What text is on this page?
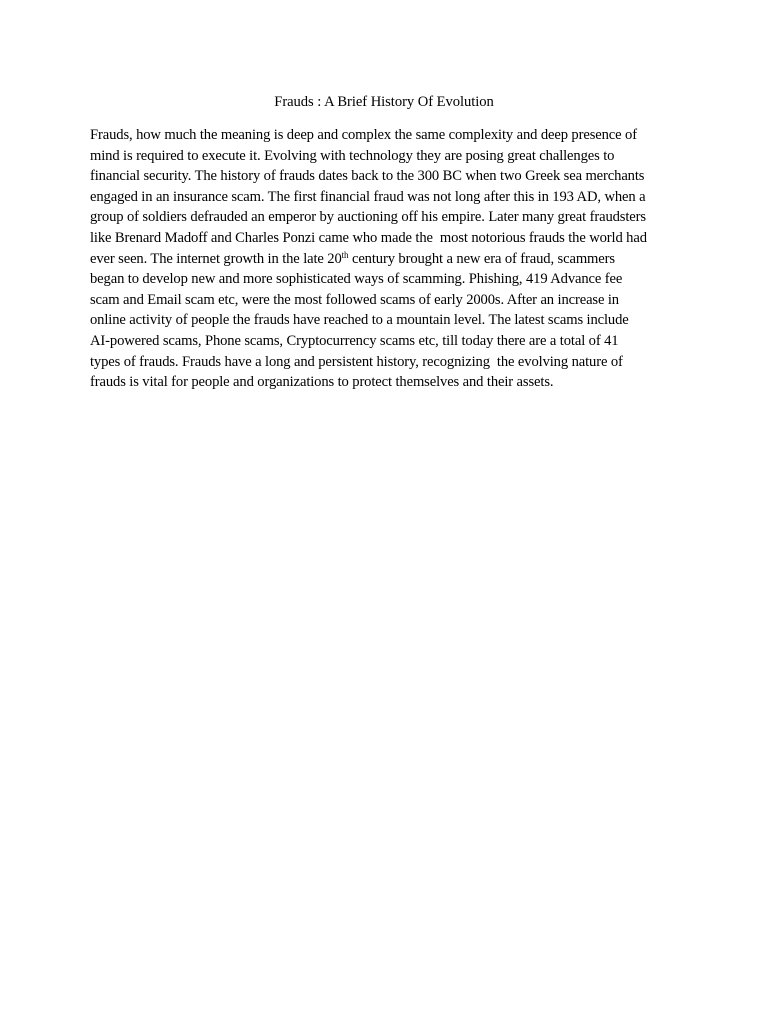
Frauds : A Brief History Of Evolution
Frauds, how much the meaning is deep and complex the same complexity and deep presence of
mind is required to execute it. Evolving with technology they are posing great challenges to
financial security. The history of frauds dates back to the 300 BC when two Greek sea merchants
engaged in an insurance scam. The first financial fraud was not long after this in 193 AD, when a
group of soldiers defrauded an emperor by auctioning off his empire. Later many great fraudsters
like Brenard Madoff and Charles Ponzi came who made the  most notorious frauds the world had
ever seen. The internet growth in the late 20th century brought a new era of fraud, scammers
began to develop new and more sophisticated ways of scamming. Phishing, 419 Advance fee
scam and Email scam etc, were the most followed scams of early 2000s. After an increase in
online activity of people the frauds have reached to a mountain level. The latest scams include
AI-powered scams, Phone scams, Cryptocurrency scams etc, till today there are a total of 41
types of frauds. Frauds have a long and persistent history, recognizing  the evolving nature of
frauds is vital for people and organizations to protect themselves and their assets.
